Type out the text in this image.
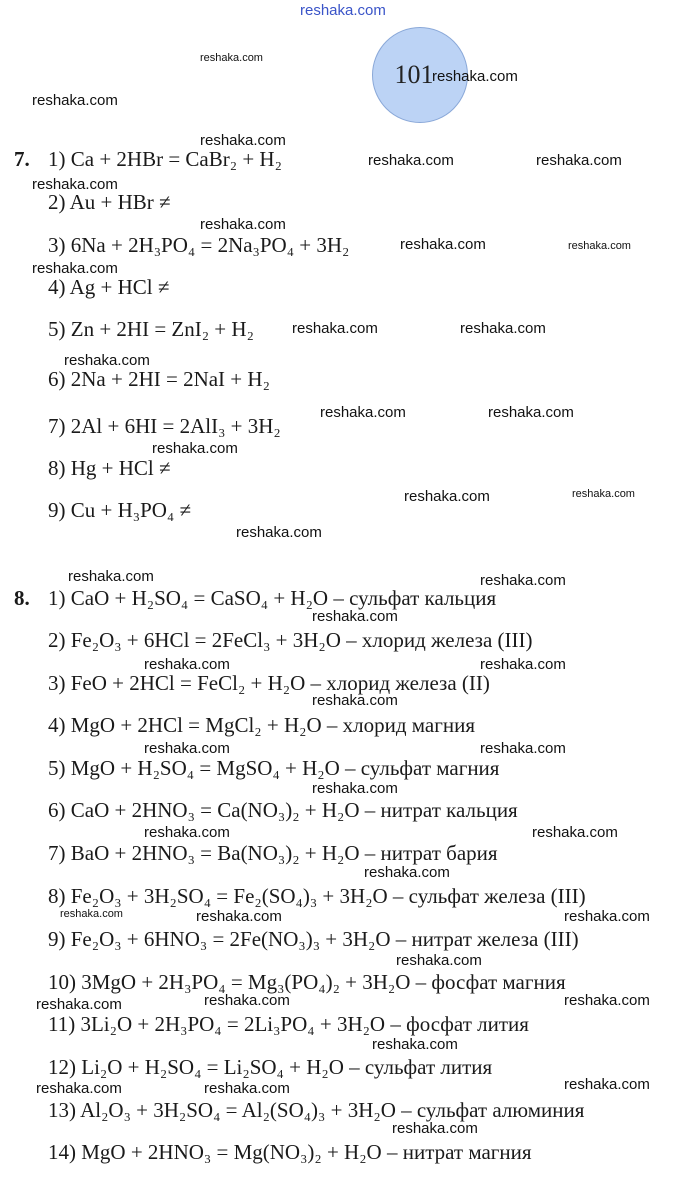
reshaka.com
101
7. 1) Ca + 2HBr = CaBr₂ + H₂
2) Au + HBr ≠
3) 6Na + 2H₃PO₄ = 2Na₃PO₄ + 3H₂
4) Ag + HCl ≠
5) Zn + 2HI = ZnI₂ + H₂
6) 2Na + 2HI = 2NaI + H₂
7) 2Al + 6HI = 2AlI₃ + 3H₂
8) Hg + HCl ≠
9) Cu + H₃PO₄ ≠
8. 1) CaO + H₂SO₄ = CaSO₄ + H₂O – сульфат кальция
2) Fe₂O₃ + 6HCl = 2FeCl₃ + 3H₂O – хлорид железа (III)
3) FeO + 2HCl = FeCl₂ + H₂O – хлорид железа (II)
4) MgO + 2HCl = MgCl₂ + H₂O – хлорид магния
5) MgO + H₂SO₄ = MgSO₄ + H₂O – сульфат магния
6) CaO + 2HNO₃ = Ca(NO₃)₂ + H₂O – нитрат кальция
7) BaO + 2HNO₃ = Ba(NO₃)₂ + H₂O – нитрат бария
8) Fe₂O₃ + 3H₂SO₄ = Fe₂(SO₄)₃ + 3H₂O – сульфат железа (III)
9) Fe₂O₃ + 6HNO₃ = 2Fe(NO₃)₃ + 3H₂O – нитрат железа (III)
10) 3MgO + 2H₃PO₄ = Mg₃(PO₄)₂ + 3H₂O – фосфат магния
11) 3Li₂O + 2H₃PO₄ = 2Li₃PO₄ + 3H₂O – фосфат лития
12) Li₂O + H₂SO₄ = Li₂SO₄ + H₂O – сульфат лития
13) Al₂O₃ + 3H₂SO₄ = Al₂(SO₄)₃ + 3H₂O – сульфат алюминия
14) MgO + 2HNO₃ = Mg(NO₃)₂ + H₂O – нитрат магния
reshaka.com
reshaka.com
reshaka.com
reshaka.com
reshaka.com	reshaka.com
reshaka.com
reshaka.com
reshaka.com	reshaka.com
reshaka.com
reshaka.com	reshaka.com
reshaka.com
reshaka.com	reshaka.com
reshaka.com
reshaka.com	reshaka.com
reshaka.com
reshaka.com	reshaka.com
reshaka.com
reshaka.com	reshaka.com
reshaka.com
reshaka.com	reshaka.com
reshaka.com
reshaka.com	reshaka.com
reshaka.com
reshaka.com	reshaka.com	reshaka.com
reshaka.com
reshaka.com	reshaka.com	reshaka.com
reshaka.com
reshaka.com	reshaka.com	reshaka.com
reshaka.com
